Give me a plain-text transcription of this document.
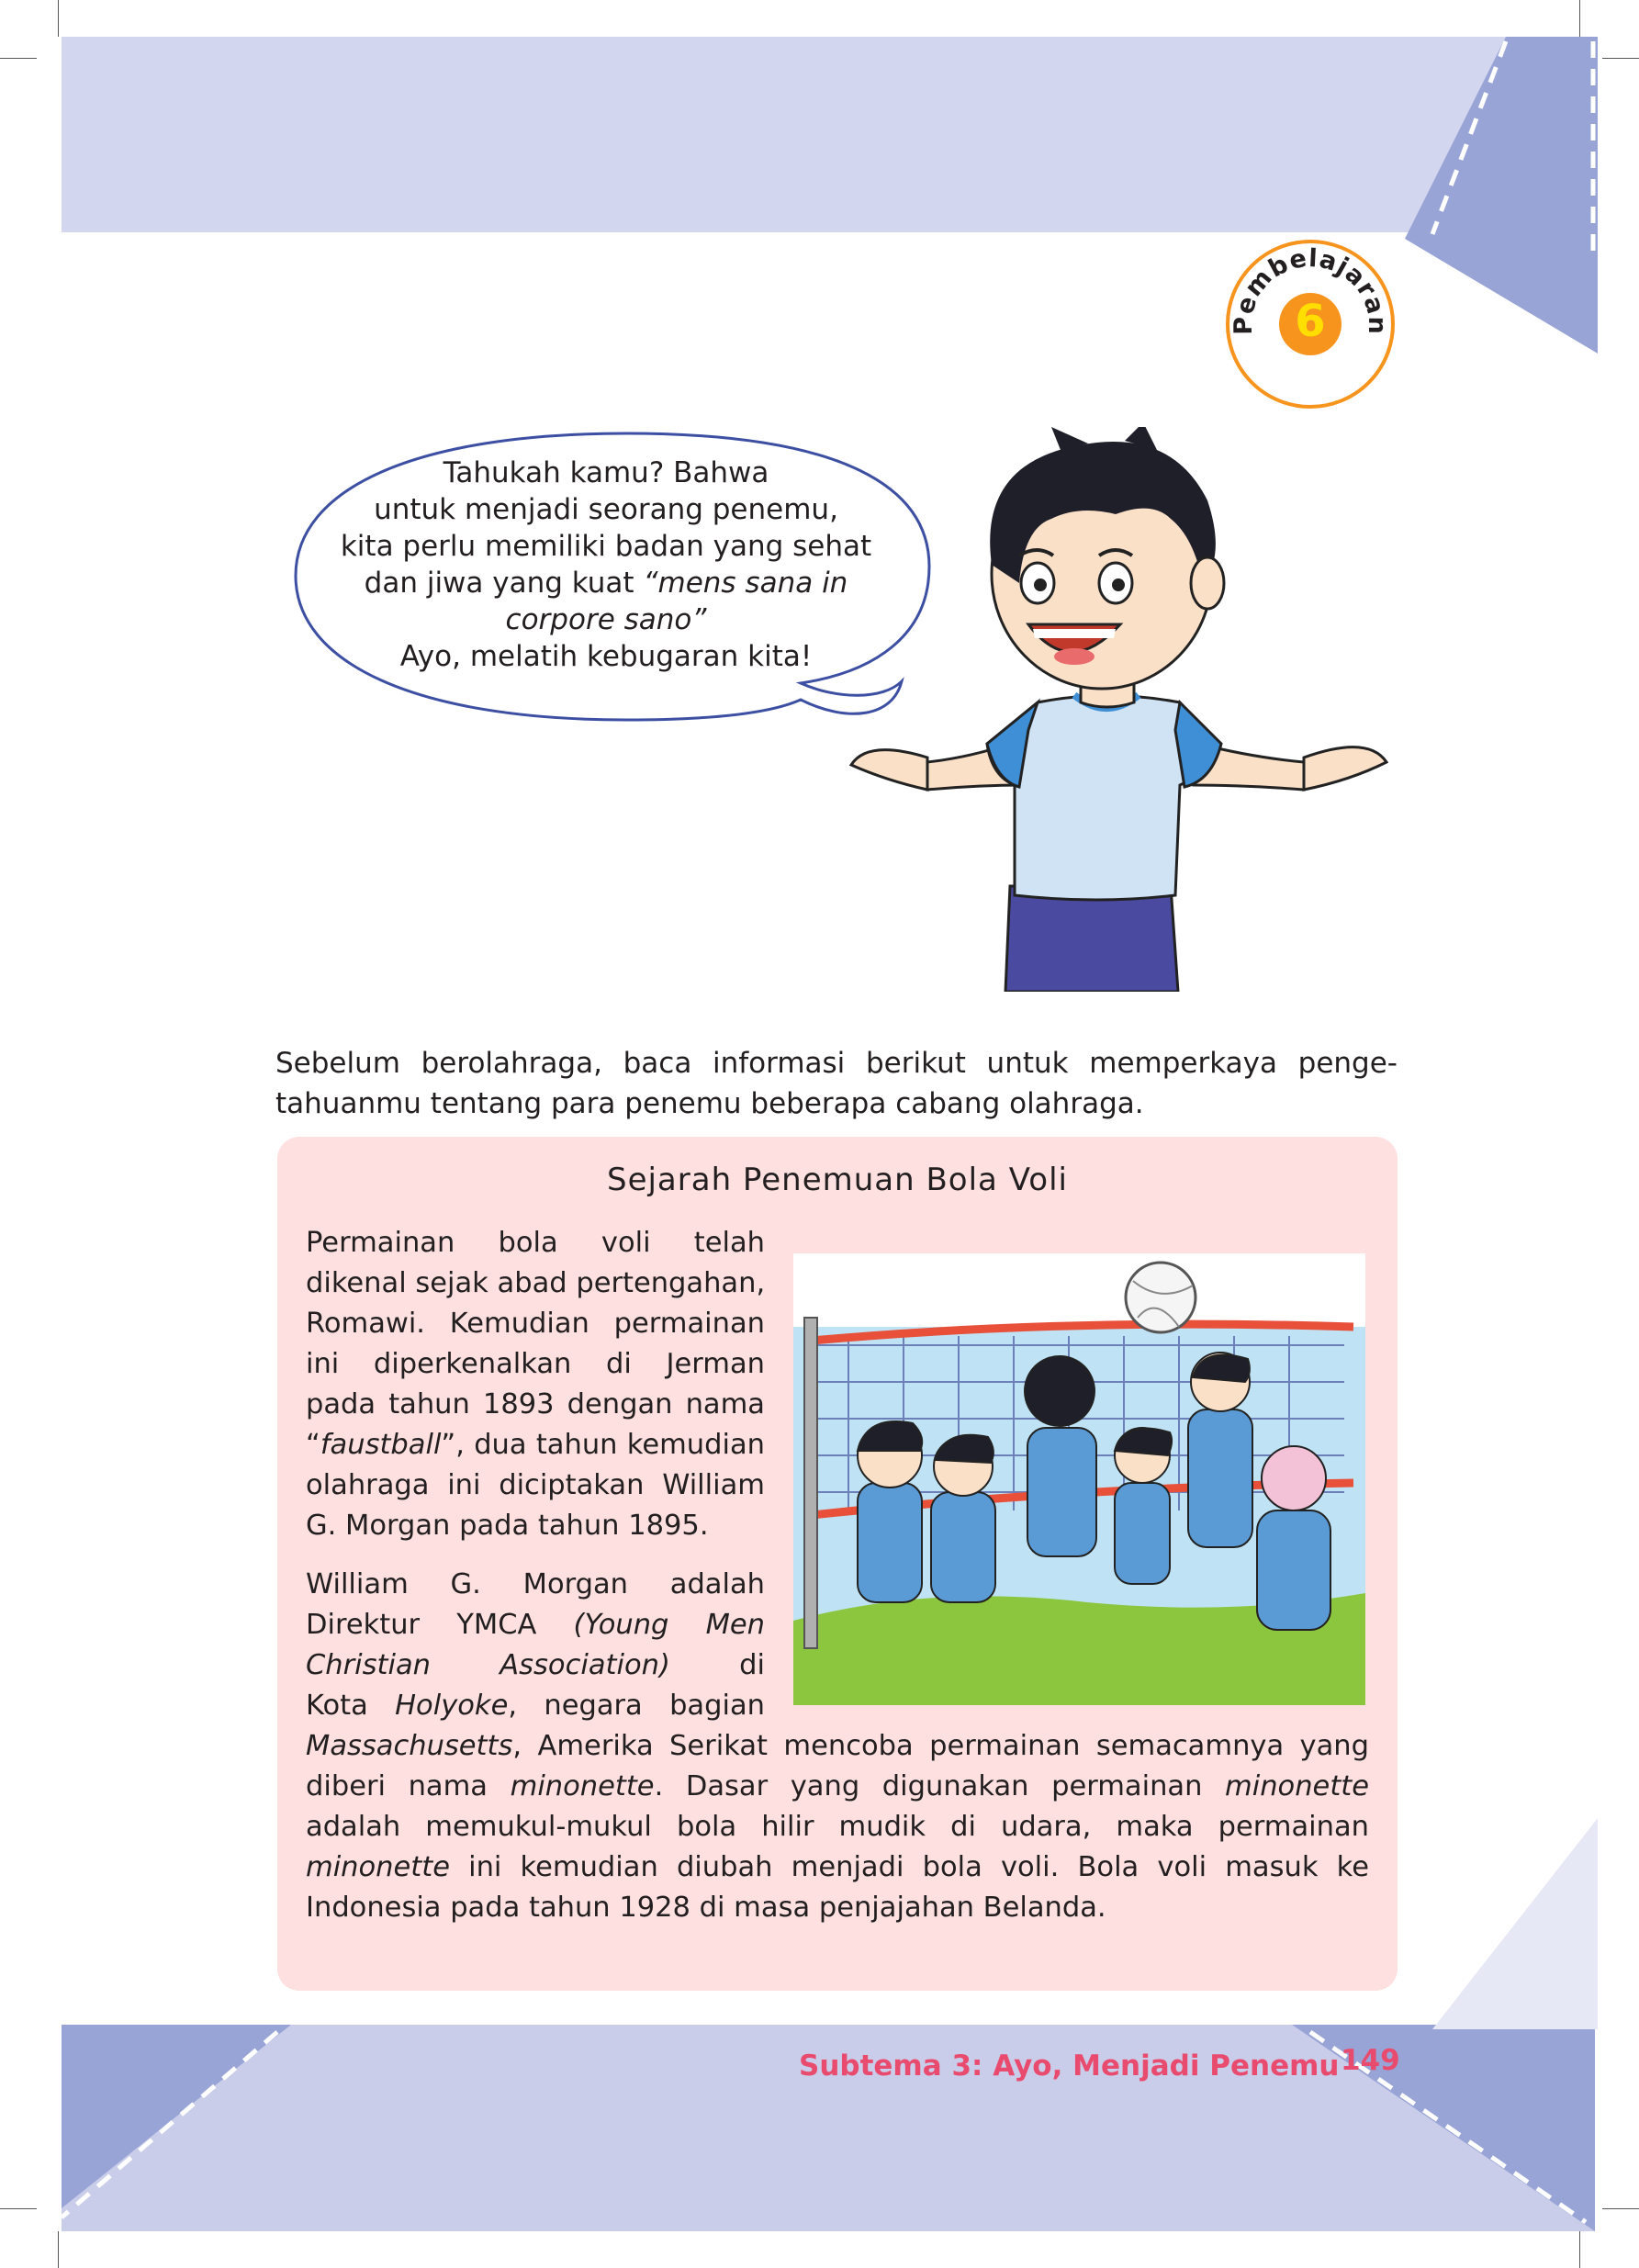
Pembelajaran
6
Tahukah kamu? Bahwa
untuk menjadi seorang penemu,
kita perlu memiliki badan yang sehat
dan jiwa yang kuat “mens sana in
corpore sano”
Ayo, melatih kebugaran kita!
Sebelum berolahraga, baca informasi berikut untuk memperkaya penge-
tahuanmu tentang para penemu beberapa cabang olahraga.
Sejarah Penemuan Bola Voli
Permainan bola voli telah
dikenal sejak abad pertengahan,
Romawi. Kemudian permainan
ini diperkenalkan di Jerman
pada tahun 1893 dengan nama
“faustball”, dua tahun kemudian
olahraga ini diciptakan William
G. Morgan pada tahun 1895.
William G. Morgan adalah
Direktur YMCA (Young Men
Christian Association) di
Kota Holyoke, negara bagian
Massachusetts, Amerika Serikat mencoba permainan semacamnya yang
diberi nama minonette. Dasar yang digunakan permainan minonette
adalah memukul-mukul bola hilir mudik di udara, maka permainan
minonette ini kemudian diubah menjadi bola voli. Bola voli masuk ke
Indonesia pada tahun 1928 di masa penjajahan Belanda.
Subtema 3: Ayo, Menjadi Penemu 149
